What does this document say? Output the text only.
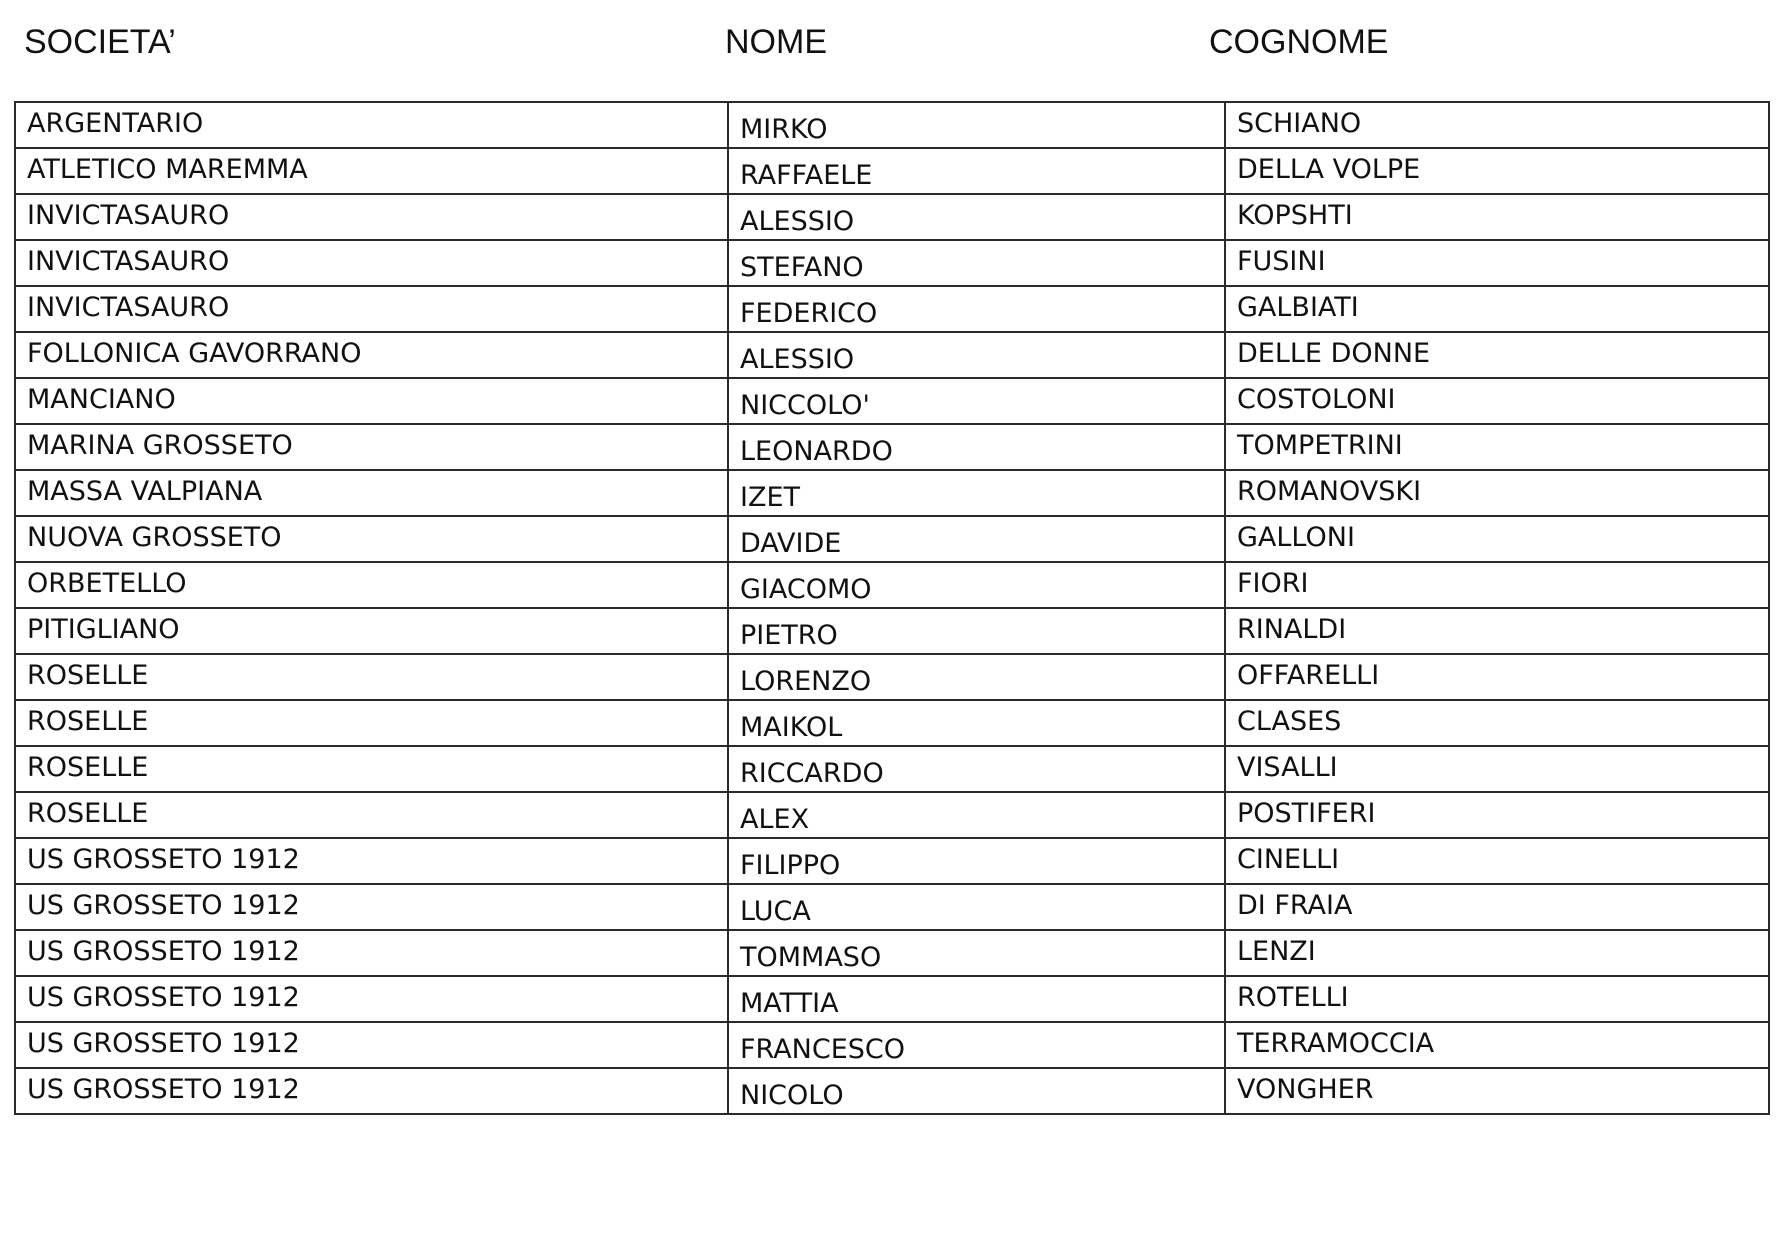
SOCIETA’	NOME	COGNOME
ARGENTARIO	MIRKO	SCHIANO
ATLETICO MAREMMA	RAFFAELE	DELLA VOLPE
INVICTASAURO	ALESSIO	KOPSHTI
INVICTASAURO	STEFANO	FUSINI
INVICTASAURO	FEDERICO	GALBIATI
FOLLONICA GAVORRANO	ALESSIO	DELLE DONNE
MANCIANO	NICCOLO'	COSTOLONI
MARINA GROSSETO	LEONARDO	TOMPETRINI
MASSA VALPIANA	IZET	ROMANOVSKI
NUOVA GROSSETO	DAVIDE	GALLONI
ORBETELLO	GIACOMO	FIORI
PITIGLIANO	PIETRO	RINALDI
ROSELLE	LORENZO	OFFARELLI
ROSELLE	MAIKOL	CLASES
ROSELLE	RICCARDO	VISALLI
ROSELLE	ALEX	POSTIFERI
US GROSSETO 1912	FILIPPO	CINELLI
US GROSSETO 1912	LUCA	DI FRAIA
US GROSSETO 1912	TOMMASO	LENZI
US GROSSETO 1912	MATTIA	ROTELLI
US GROSSETO 1912	FRANCESCO	TERRAMOCCIA
US GROSSETO 1912	NICOLO	VONGHER
